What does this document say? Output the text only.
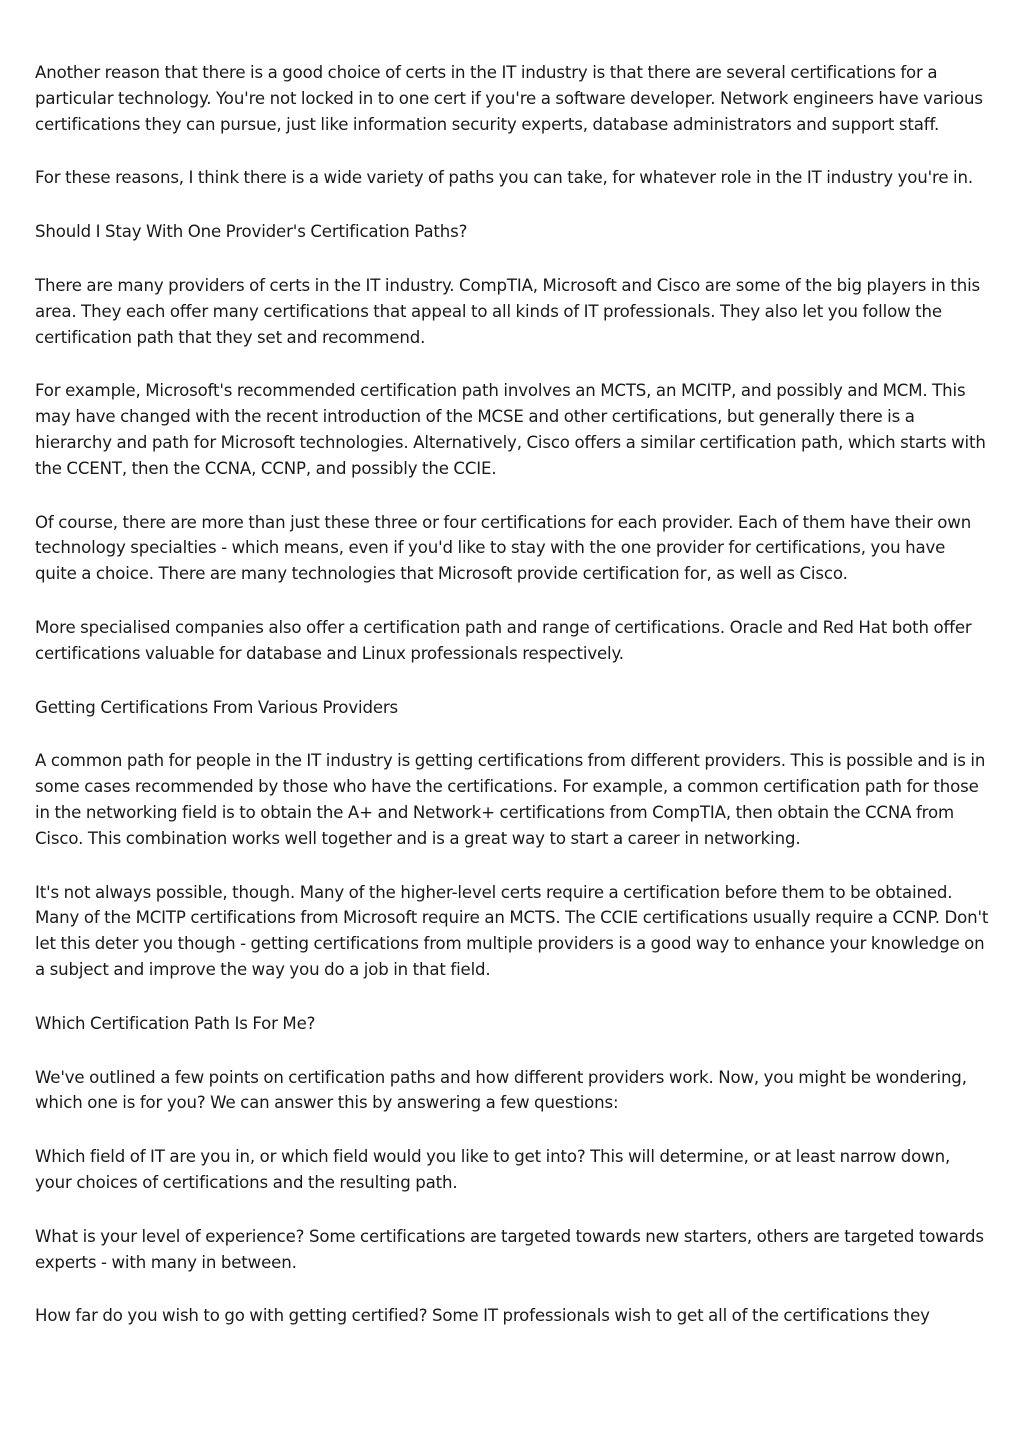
Another reason that there is a good choice of certs in the IT industry is that there are several certifications for a particular technology. You're not locked in to one cert if you're a software developer. Network engineers have various certifications they can pursue, just like information security experts, database administrators and support staff.

For these reasons, I think there is a wide variety of paths you can take, for whatever role in the IT industry you're in.

Should I Stay With One Provider's Certification Paths?

There are many providers of certs in the IT industry. CompTIA, Microsoft and Cisco are some of the big players in this area. They each offer many certifications that appeal to all kinds of IT professionals. They also let you follow the certification path that they set and recommend.

For example, Microsoft's recommended certification path involves an MCTS, an MCITP, and possibly and MCM. This may have changed with the recent introduction of the MCSE and other certifications, but generally there is a hierarchy and path for Microsoft technologies. Alternatively, Cisco offers a similar certification path, which starts with the CCENT, then the CCNA, CCNP, and possibly the CCIE.

Of course, there are more than just these three or four certifications for each provider. Each of them have their own technology specialties - which means, even if you'd like to stay with the one provider for certifications, you have quite a choice. There are many technologies that Microsoft provide certification for, as well as Cisco.

More specialised companies also offer a certification path and range of certifications. Oracle and Red Hat both offer certifications valuable for database and Linux professionals respectively.

Getting Certifications From Various Providers

A common path for people in the IT industry is getting certifications from different providers. This is possible and is in some cases recommended by those who have the certifications. For example, a common certification path for those in the networking field is to obtain the A+ and Network+ certifications from CompTIA, then obtain the CCNA from Cisco. This combination works well together and is a great way to start a career in networking.

It's not always possible, though. Many of the higher-level certs require a certification before them to be obtained. Many of the MCITP certifications from Microsoft require an MCTS. The CCIE certifications usually require a CCNP. Don't let this deter you though - getting certifications from multiple providers is a good way to enhance your knowledge on a subject and improve the way you do a job in that field.

Which Certification Path Is For Me?

We've outlined a few points on certification paths and how different providers work. Now, you might be wondering, which one is for you? We can answer this by answering a few questions:

Which field of IT are you in, or which field would you like to get into? This will determine, or at least narrow down, your choices of certifications and the resulting path.

What is your level of experience? Some certifications are targeted towards new starters, others are targeted towards experts - with many in between.

How far do you wish to go with getting certified? Some IT professionals wish to get all of the certifications they
